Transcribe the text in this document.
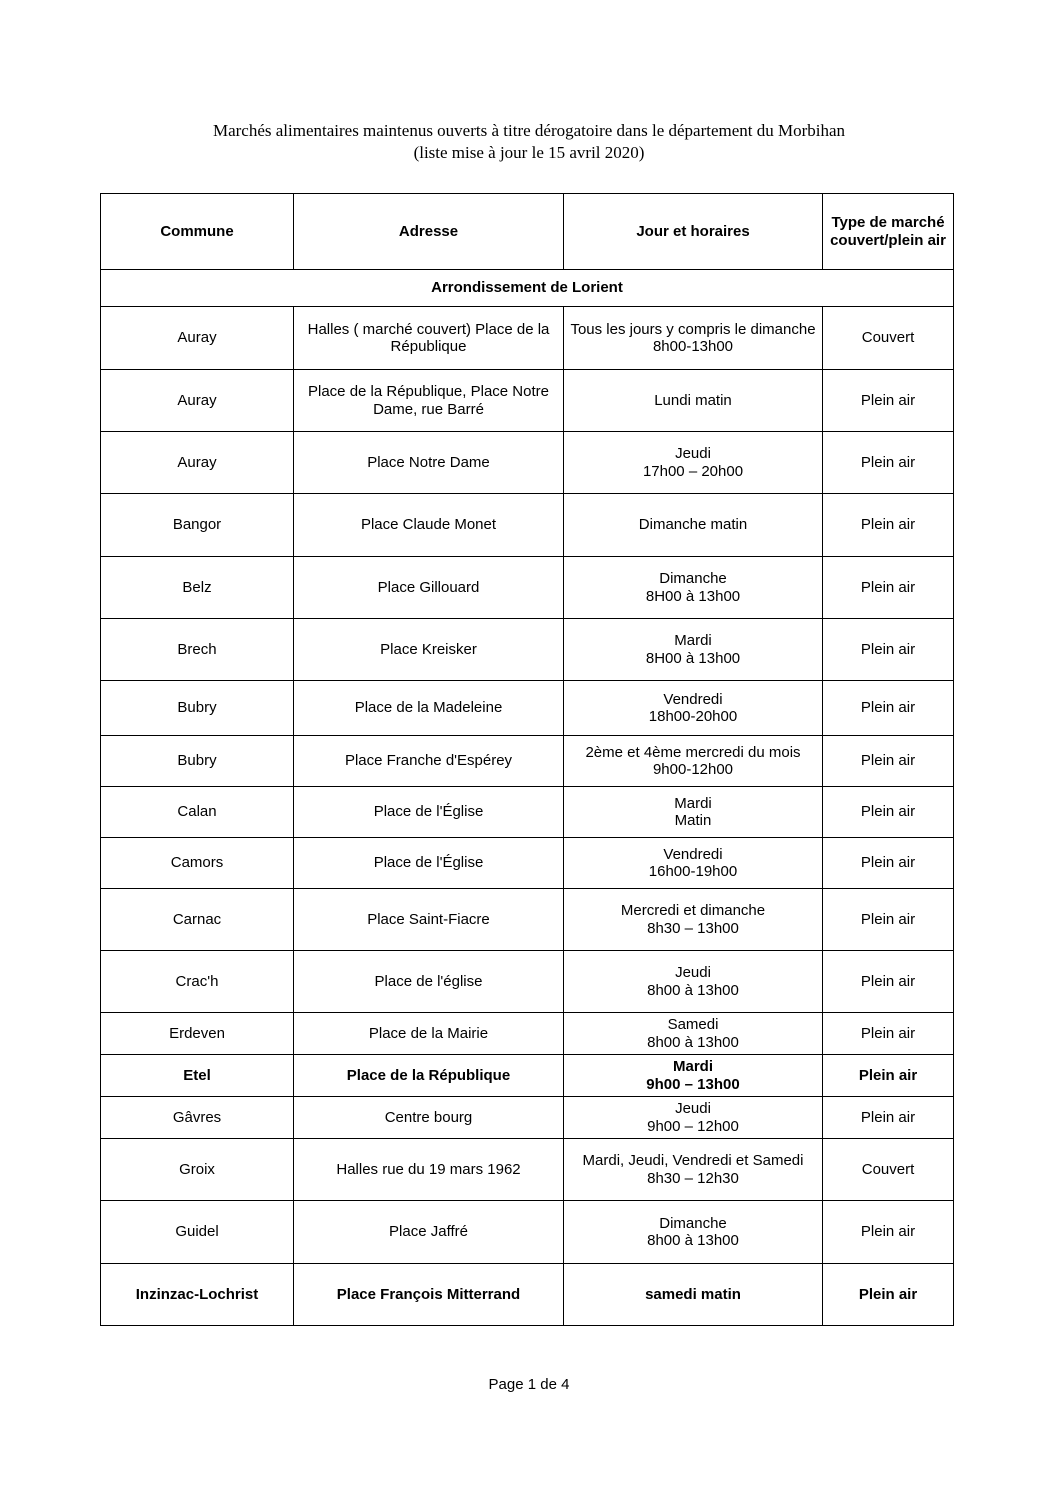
Marchés alimentaires maintenus ouverts à titre dérogatoire dans le département du Morbihan
(liste mise à jour le 15 avril 2020)
Commune	Adresse	Jour et horaires	Type de marché
couvert/plein air

Arrondissement de Lorient			
Auray	Halles ( marché couvert) Place de la
République	Tous les jours y compris le dimanche
8h00-13h00	Couvert
Auray	Place de la République, Place Notre
Dame, rue Barré	Lundi matin	Plein air
Auray	Place Notre Dame	Jeudi
17h00 – 20h00	Plein air
Bangor	Place Claude Monet	Dimanche matin	Plein air
Belz	Place Gillouard	Dimanche
8H00 à 13h00	Plein air
Brech	Place Kreisker	Mardi
8H00 à 13h00	Plein air
Bubry	Place de la Madeleine	Vendredi
18h00-20h00	Plein air
Bubry	Place Franche d'Espérey	2ème et 4ème mercredi du mois
9h00-12h00	Plein air
Calan	Place de l'Église	Mardi
Matin	Plein air
Camors	Place de l'Église	Vendredi
16h00-19h00	Plein air
Carnac	Place Saint-Fiacre	Mercredi et dimanche
8h30 – 13h00	Plein air
Crac'h	Place de l'église	Jeudi
8h00 à 13h00	Plein air
Erdeven	Place de la Mairie	Samedi
8h00 à 13h00	Plein air
Etel	Place de la République	Mardi
9h00 – 13h00	Plein air
Gâvres	Centre bourg	Jeudi
9h00 – 12h00	Plein air
Groix	Halles rue du 19 mars 1962	Mardi, Jeudi, Vendredi et Samedi
8h30 – 12h30	Couvert
Guidel	Place Jaffré	Dimanche
8h00 à 13h00	Plein air
Inzinzac-Lochrist	Place François Mitterrand	samedi matin	Plein air
Page 1 de 4
